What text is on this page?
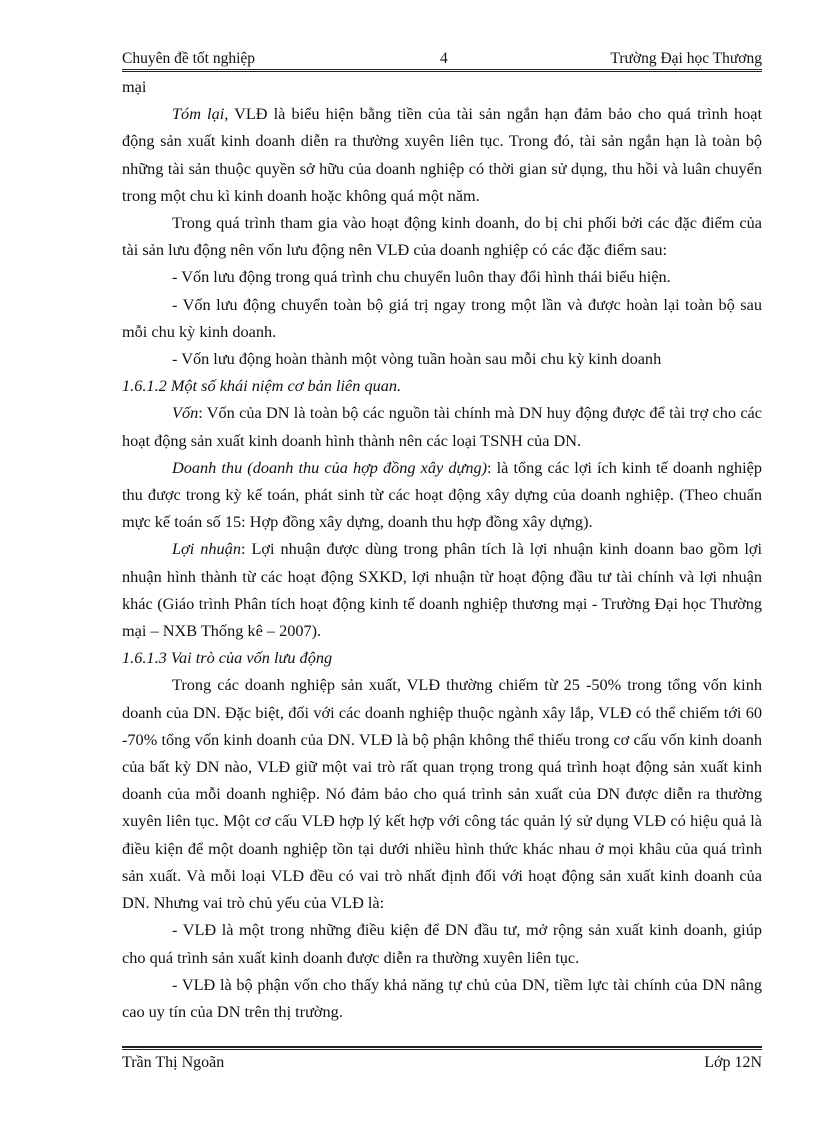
Chuyên đề tốt nghiệp	4	Trường Đại học Thương

mại

Tóm lại, VLĐ là biểu hiện bằng tiền của tài sản ngắn hạn đảm bảo cho quá trình hoạt động sản xuất kinh doanh diễn ra thường xuyên liên tục. Trong đó, tài sản ngắn hạn là toàn bộ những tài sản thuộc quyền sở hữu của doanh nghiệp có thời gian sử dụng, thu hồi và luân chuyển trong một chu kì kinh doanh hoặc không quá một năm.

Trong quá trình tham gia vào hoạt động kinh doanh, do bị chi phối bởi các đặc điểm của tài sản lưu động nên vốn lưu động nên VLĐ của doanh nghiệp có các đặc điểm sau:

- Vốn lưu động trong quá trình chu chuyển luôn thay đổi hình thái biểu hiện.

- Vốn lưu động chuyển toàn bộ giá trị ngay trong một lần và được hoàn lại toàn bộ sau mỗi chu kỳ kinh doanh.

- Vốn lưu động hoàn thành một vòng tuần hoàn sau mỗi chu kỳ kinh doanh

1.6.1.2 Một số khái niệm cơ bản liên quan.

Vốn: Vốn của DN là toàn bộ các nguồn tài chính mà DN huy động được để tài trợ cho các hoạt động sản xuất kinh doanh hình thành nên các loại TSNH của DN.

Doanh thu (doanh thu của hợp đồng xây dựng): là tổng các lợi ích kinh tế doanh nghiệp thu được trong kỳ kế toán, phát sinh từ các hoạt động xây dựng của doanh nghiệp. (Theo chuẩn mực kế toán số 15: Hợp đồng xây dựng, doanh thu hợp đồng xây dựng).

Lợi nhuận: Lợi nhuận được dùng trong phân tích là lợi nhuận kinh doann bao gồm lợi nhuận hình thành từ các hoạt động SXKD, lợi nhuận từ hoạt động đầu tư tài chính và lợi nhuận khác (Giáo trình Phân tích hoạt động kinh tế doanh nghiệp thương mại - Trường Đại học Thường mại – NXB Thống kê – 2007).

1.6.1.3 Vai trò của vốn lưu động

Trong các doanh nghiệp sản xuất, VLĐ thường chiếm từ 25 -50% trong tổng vốn kinh doanh của DN. Đặc biệt, đối với các doanh nghiệp thuộc ngành xây lắp, VLĐ có thể chiếm tới 60 -70% tổng vốn kinh doanh của DN. VLĐ là bộ phận không thể thiếu trong cơ cấu vốn kinh doanh của bất kỳ DN nào, VLĐ giữ một vai trò rất quan trọng trong quá trình hoạt động sản xuất kinh doanh của mỗi doanh nghiệp. Nó đảm bảo cho quá trình sản xuất của DN được diễn ra thường xuyên liên tục. Một cơ cấu VLĐ hợp lý kết hợp với công tác quản lý sử dụng VLĐ có hiệu quả là điều kiện để một doanh nghiệp tồn tại dưới nhiều hình thức khác nhau ở mọi khâu của quá trình sản xuất. Và mỗi loại VLĐ đều có vai trò nhất định đối với hoạt động sản xuất kinh doanh của DN. Nhưng vai trò chủ yếu của VLĐ là:

- VLĐ là một trong những điều kiện để DN đầu tư, mở rộng sản xuất kinh doanh, giúp cho quá trình sản xuất kinh doanh được diễn ra thường xuyên liên tục.

- VLĐ là bộ phận vốn cho thấy khả năng tự chủ của DN, tiềm lực tài chính của DN nâng cao uy tín của DN trên thị trường.

Trần Thị Ngoãn	Lớp 12N
